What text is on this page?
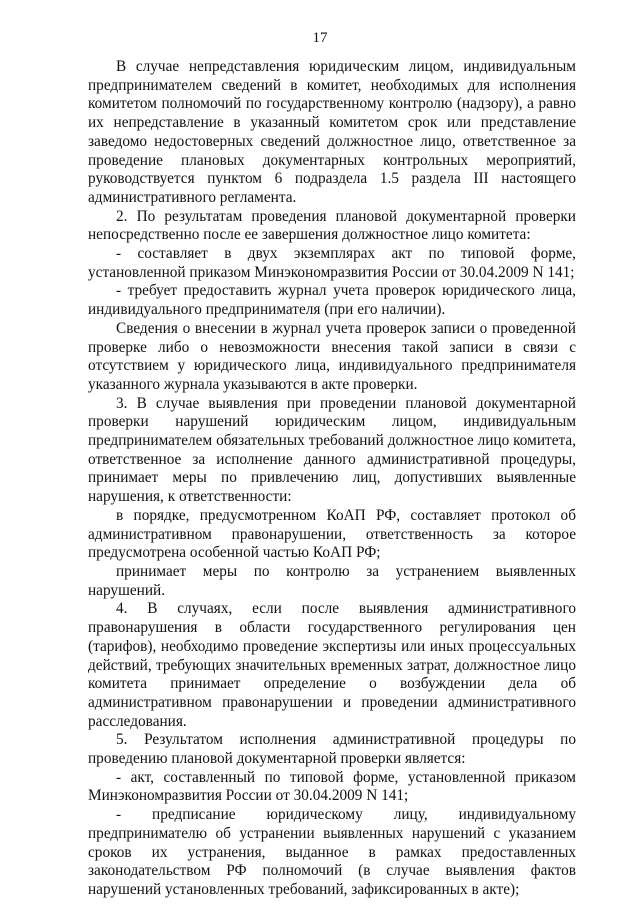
17

В случае непредставления юридическим лицом, индивидуальным предпринимателем сведений в комитет, необходимых для исполнения комитетом полномочий по государственному контролю (надзору), а равно их непредставление в указанный комитетом срок или представление заведомо недостоверных сведений должностное лицо, ответственное за проведение плановых документарных контрольных мероприятий, руководствуется пунктом 6 подраздела 1.5 раздела III настоящего административного регламента.

2. По результатам проведения плановой документарной проверки непосредственно после ее завершения должностное лицо комитета:

- составляет в двух экземплярах акт по типовой форме, установленной приказом Минэкономразвития России от 30.04.2009 N 141;

- требует предоставить журнал учета проверок юридического лица, индивидуального предпринимателя (при его наличии).

Сведения о внесении в журнал учета проверок записи о проведенной проверке либо о невозможности внесения такой записи в связи с отсутствием у юридического лица, индивидуального предпринимателя указанного журнала указываются в акте проверки.

3. В случае выявления при проведении плановой документарной проверки нарушений юридическим лицом, индивидуальным предпринимателем обязательных требований должностное лицо комитета, ответственное за исполнение данного административной процедуры, принимает меры по привлечению лиц, допустивших выявленные нарушения, к ответственности:

в порядке, предусмотренном КоАП РФ, составляет протокол об административном правонарушении, ответственность за которое предусмотрена особенной частью КоАП РФ;

принимает меры по контролю за устранением выявленных нарушений.

4. В случаях, если после выявления административного правонарушения в области государственного регулирования цен (тарифов), необходимо проведение экспертизы или иных процессуальных действий, требующих значительных временных затрат, должностное лицо комитета принимает определение о возбуждении дела об административном правонарушении и проведении административного расследования.

5. Результатом исполнения административной процедуры по проведению плановой документарной проверки является:

- акт, составленный по типовой форме, установленной приказом Минэкономразвития России от 30.04.2009 N 141;

- предписание юридическому лицу, индивидуальному предпринимателю об устранении выявленных нарушений с указанием сроков их устранения, выданное в рамках предоставленных законодательством РФ полномочий (в случае выявления фактов нарушений установленных требований, зафиксированных в акте);
